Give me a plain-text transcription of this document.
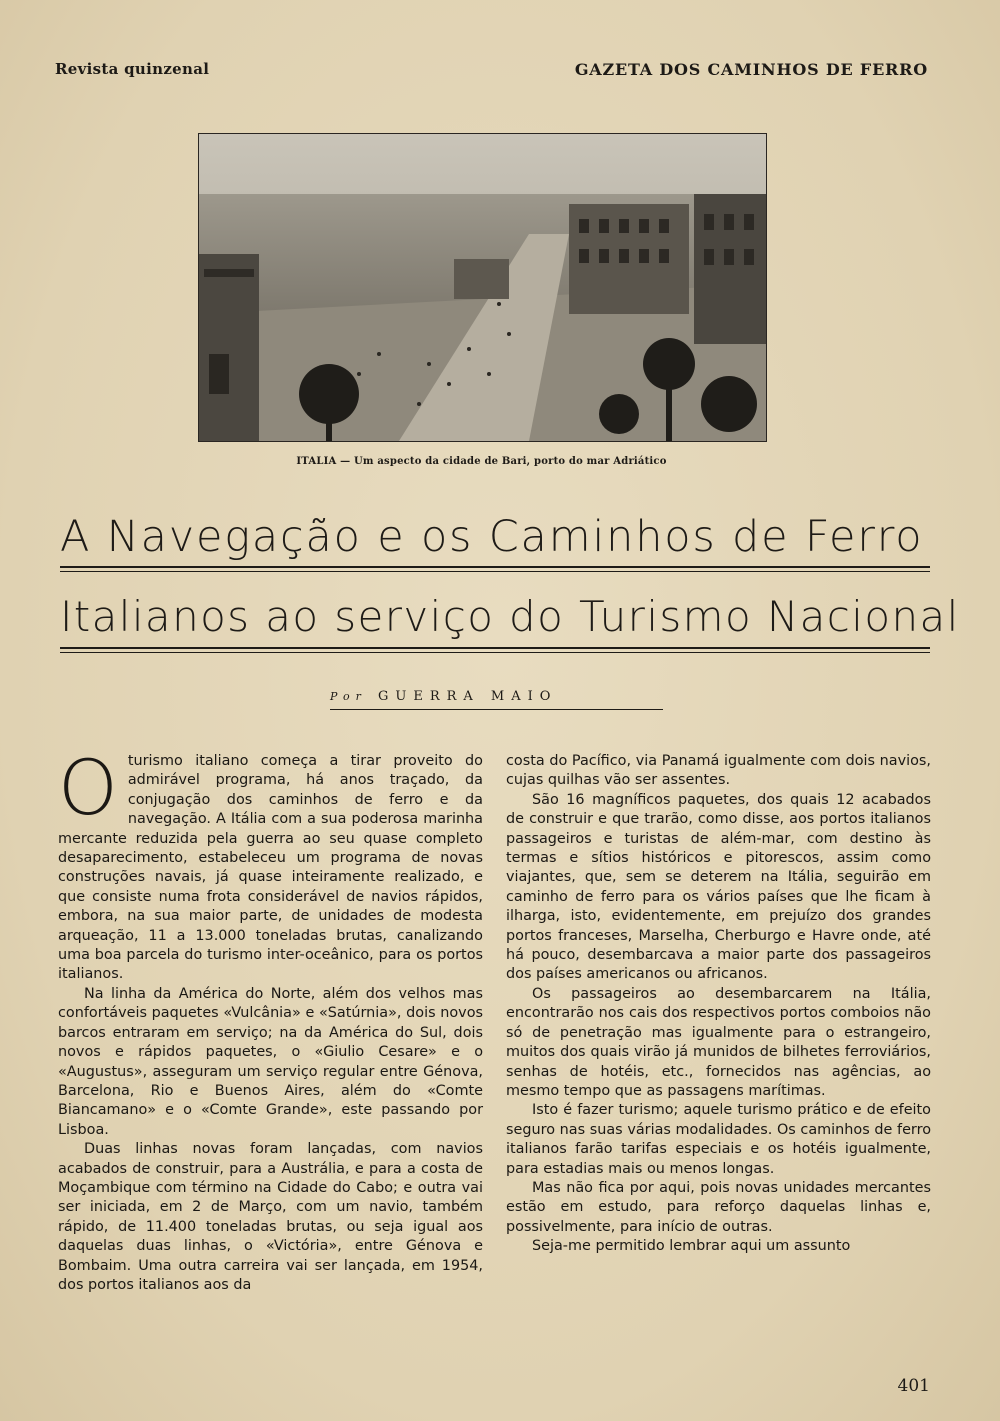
Revista quinzenal	GAZETA DOS CAMINHOS DE FERRO
ITALIA — Um aspecto da cidade de Bari, porto do mar Adriático
A Navegação e os Caminhos de Ferro
Italianos ao serviço do Turismo Nacional
Por GUERRA MAIO

Oturismo italiano começa a tirar proveito do admirável programa, há anos traçado, da conjugação dos caminhos de ferro e da navegação. A Itália com a sua poderosa marinha mercante reduzida pela guerra ao seu quase completo desaparecimento, estabeleceu um programa de novas construções navais, já quase inteiramente realizado, e que consiste numa frota considerável de navios rápidos, embora, na sua maior parte, de unidades de modesta arqueação, 11 a 13.000 toneladas brutas, canalizando uma boa parcela do turismo inter-oceânico, para os portos italianos.

Na linha da América do Norte, além dos velhos mas confortáveis paquetes «Vulcânia» e «Satúrnia», dois novos barcos entraram em serviço; na da América do Sul, dois novos e rápidos paquetes, o «Giulio Cesare» e o «Augustus», asseguram um serviço regular entre Génova, Barcelona, Rio e Buenos Aires, além do «Comte Biancamano» e o «Comte Grande», este passando por Lisboa.

Duas linhas novas foram lançadas, com navios acabados de construir, para a Austrália, e para a costa de Moçambique com término na Cidade do Cabo; e outra vai ser iniciada, em 2 de Março, com um navio, também rápido, de 11.400 toneladas brutas, ou seja igual aos daquelas duas linhas, o «Victória», entre Génova e Bombaim. Uma outra carreira vai ser lançada, em 1954, dos portos italianos aos da

costa do Pacífico, via Panamá igualmente com dois navios, cujas quilhas vão ser assentes.

São 16 magníficos paquetes, dos quais 12 acabados de construir e que trarão, como disse, aos portos italianos passageiros e turistas de além-mar, com destino às termas e sítios históricos e pitorescos, assim como viajantes, que, sem se deterem na Itália, seguirão em caminho de ferro para os vários países que lhe ficam à ilharga, isto, evidentemente, em prejuízo dos grandes portos franceses, Marselha, Cherburgo e Havre onde, até há pouco, desembarcava a maior parte dos passageiros dos países americanos ou africanos.

Os passageiros ao desembarcarem na Itália, encontrarão nos cais dos respectivos portos comboios não só de penetração mas igualmente para o estrangeiro, muitos dos quais virão já munidos de bilhetes ferroviários, senhas de hotéis, etc., fornecidos nas agências, ao mesmo tempo que as passagens marítimas.

Isto é fazer turismo; aquele turismo prático e de efeito seguro nas suas várias modalidades. Os caminhos de ferro italianos farão tarifas especiais e os hotéis igualmente, para estadias mais ou menos longas.

Mas não fica por aqui, pois novas unidades mercantes estão em estudo, para reforço daquelas linhas e, possivelmente, para início de outras.

Seja-me permitido lembrar aqui um assunto

401
